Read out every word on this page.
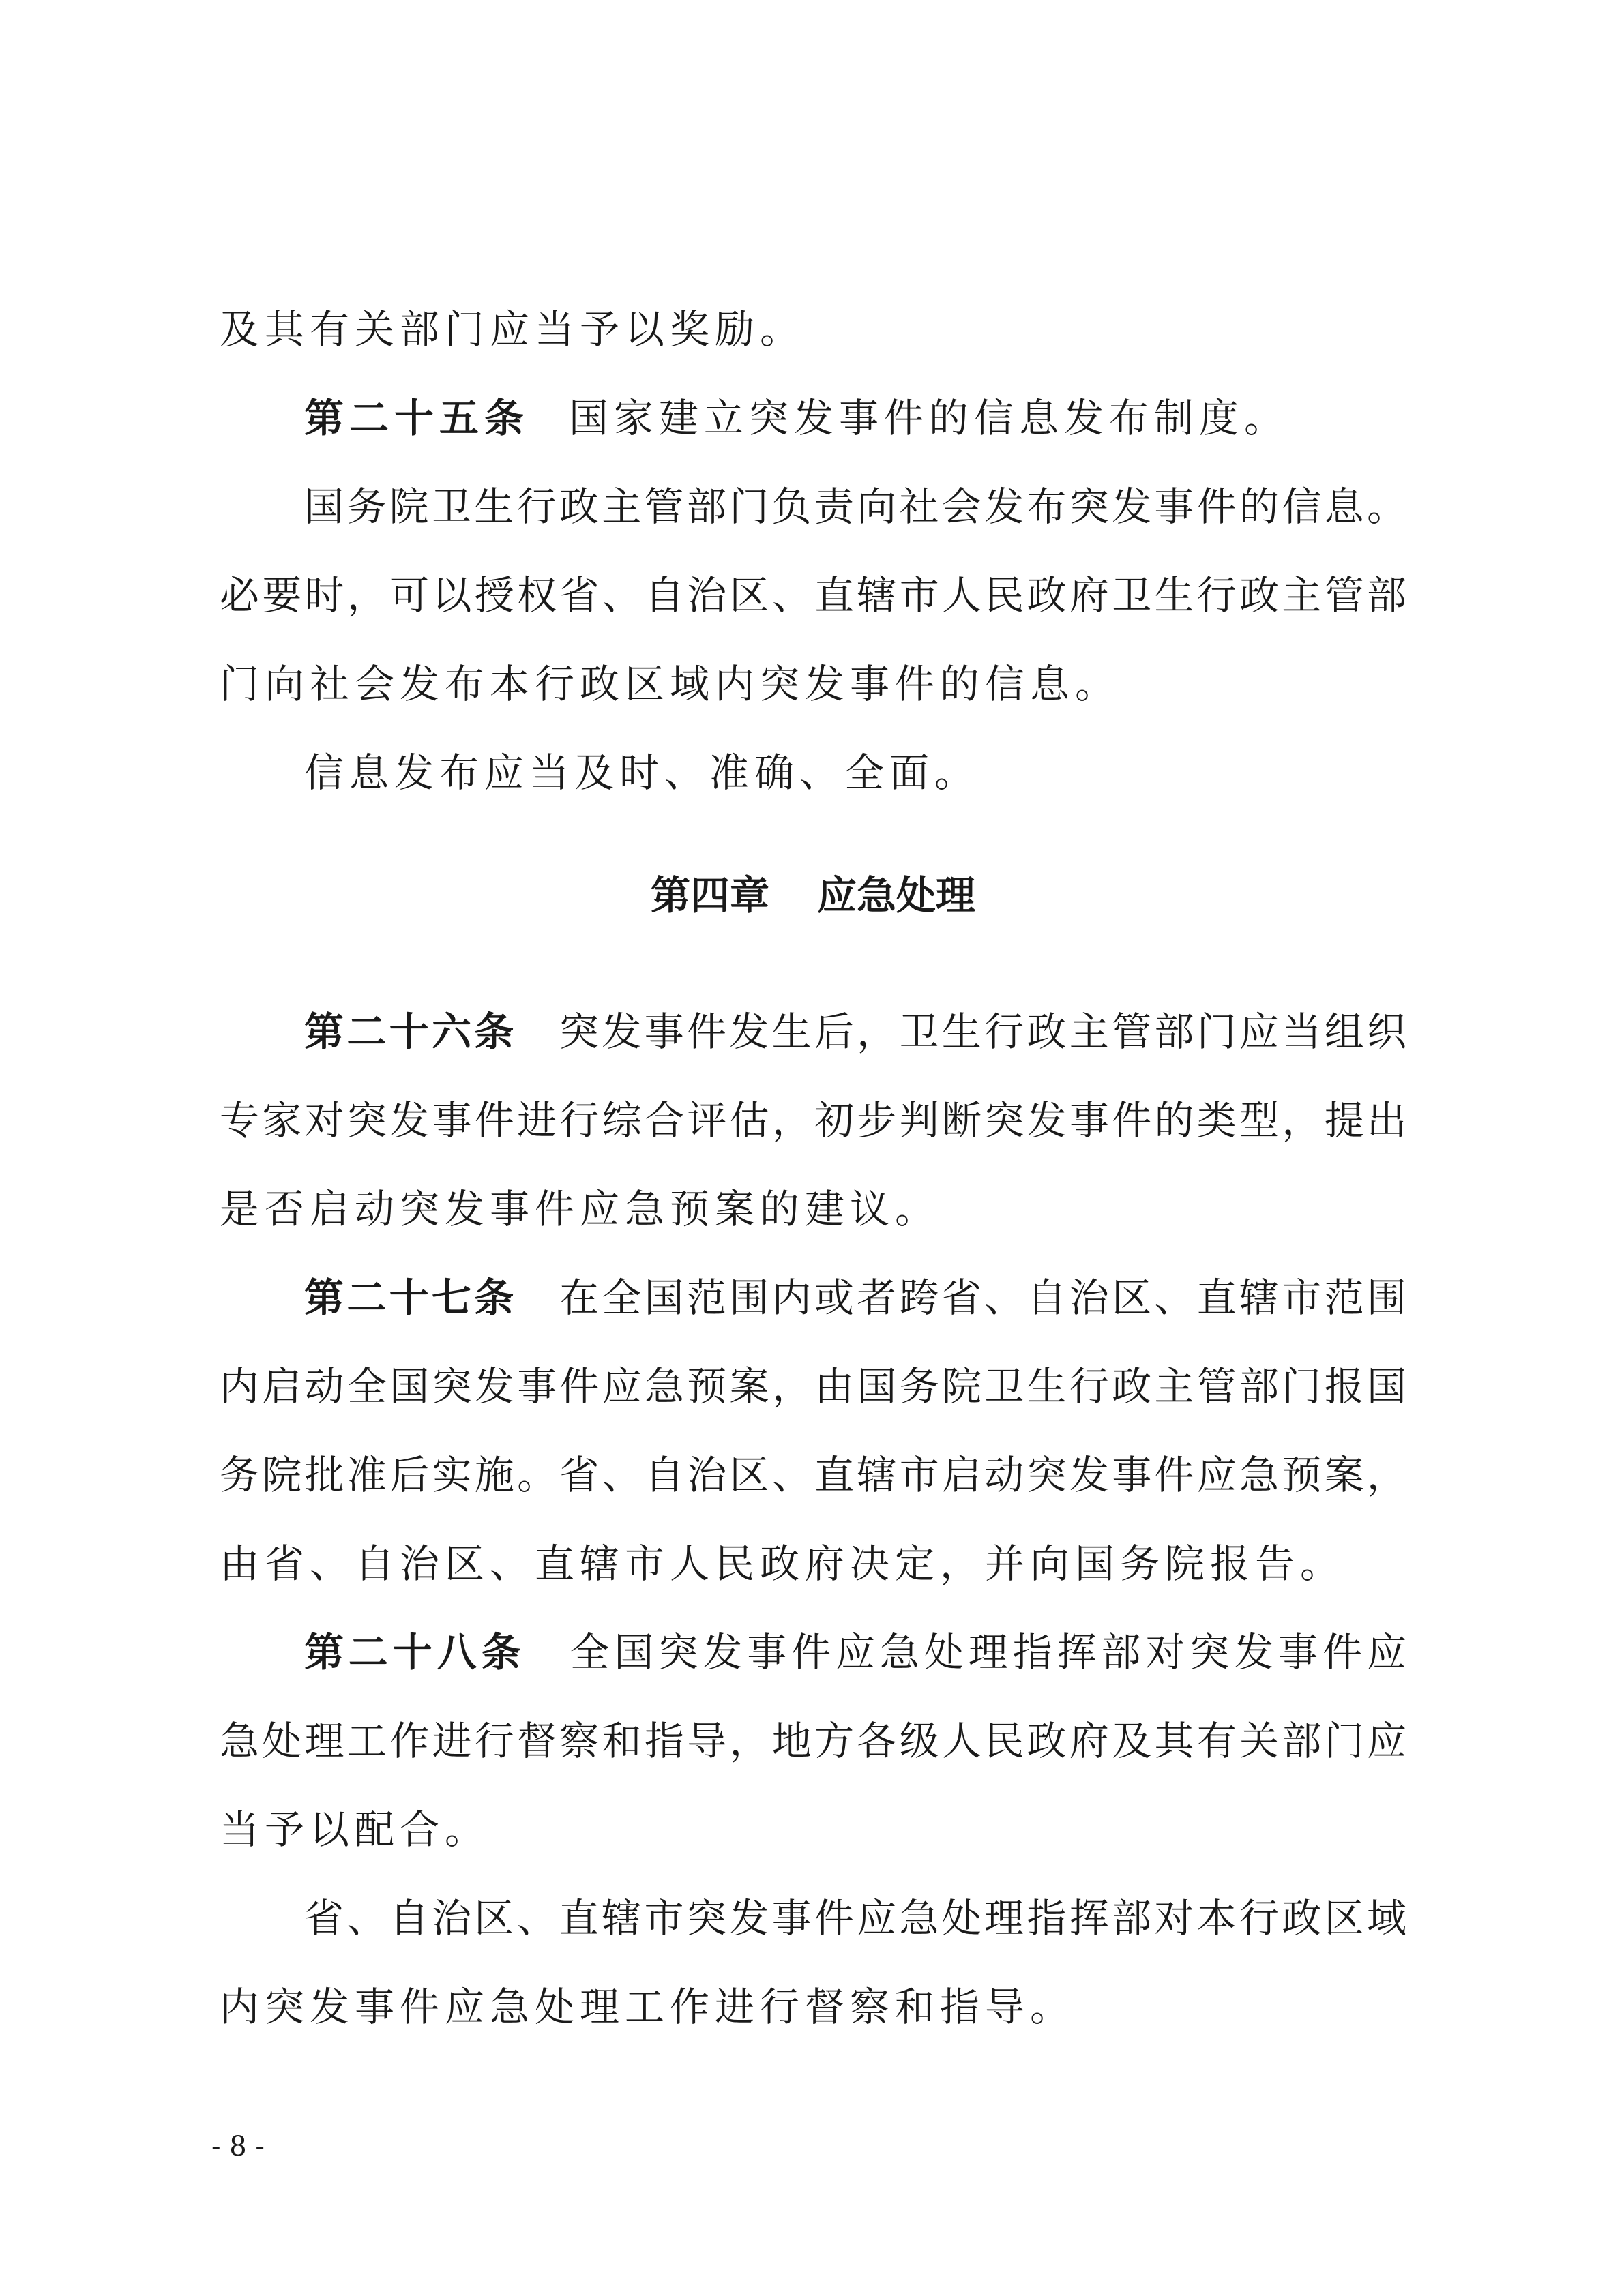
及其有关部门应当予以奖励。
第二十五条 国家建立突发事件的信息发布制度。
国务院卫生行政主管部门负责向社会发布突发事件的信息。
必要时，可以授权省、自治区、直辖市人民政府卫生行政主管部
门向社会发布本行政区域内突发事件的信息。
信息发布应当及时、准确、全面。
第四章 应急处理
第二十六条 突发事件发生后，卫生行政主管部门应当组织
专家对突发事件进行综合评估，初步判断突发事件的类型，提出
是否启动突发事件应急预案的建议。
第二十七条 在全国范围内或者跨省、自治区、直辖市范围
内启动全国突发事件应急预案，由国务院卫生行政主管部门报国
务院批准后实施。省、自治区、直辖市启动突发事件应急预案，
由省、自治区、直辖市人民政府决定，并向国务院报告。
第二十八条 全国突发事件应急处理指挥部对突发事件应
急处理工作进行督察和指导，地方各级人民政府及其有关部门应
当予以配合。
省、自治区、直辖市突发事件应急处理指挥部对本行政区域
内突发事件应急处理工作进行督察和指导。
- 8 -
